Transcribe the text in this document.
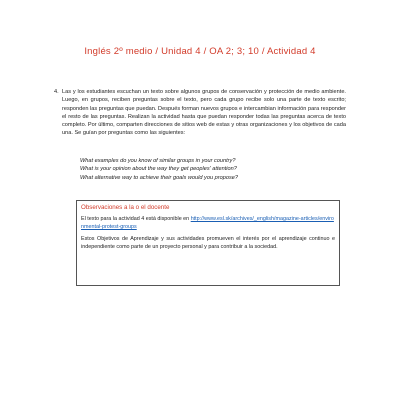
Inglés 2º medio / Unidad 4 / OA 2; 3; 10 / Actividad 4
4. Las y los estudiantes escuchan un texto sobre algunos grupos de conservación y protección de medio ambiente. Luego, en grupos, reciben preguntas sobre el texto, pero cada grupo recibe solo una parte de texto escrito; responden las preguntas que puedan. Después forman nuevos grupos e intercambian información para responder el resto de las preguntas. Realizan la actividad hasta que puedan responder todas las preguntas acerca de texto completo. Por último, comparten direcciones de sitios web de estas y otras organizaciones y los objetivos de cada una. Se guían por preguntas como las siguientes:
What examples do you know of similar groups in your country?
What is your opinion about the way they get peoples' attention?
What alternative way to achieve their goals would you propose?
Observaciones a la o el docente
El texto para la actividad 4 está disponible en http://www.esl.sk/archives/_english/magazine-articles/environmental-protest-groups
Estos Objetivos de Aprendizaje y sus actividades promueven el interés por el aprendizaje continuo e independiente como parte de un proyecto personal y para contribuir a la sociedad.
